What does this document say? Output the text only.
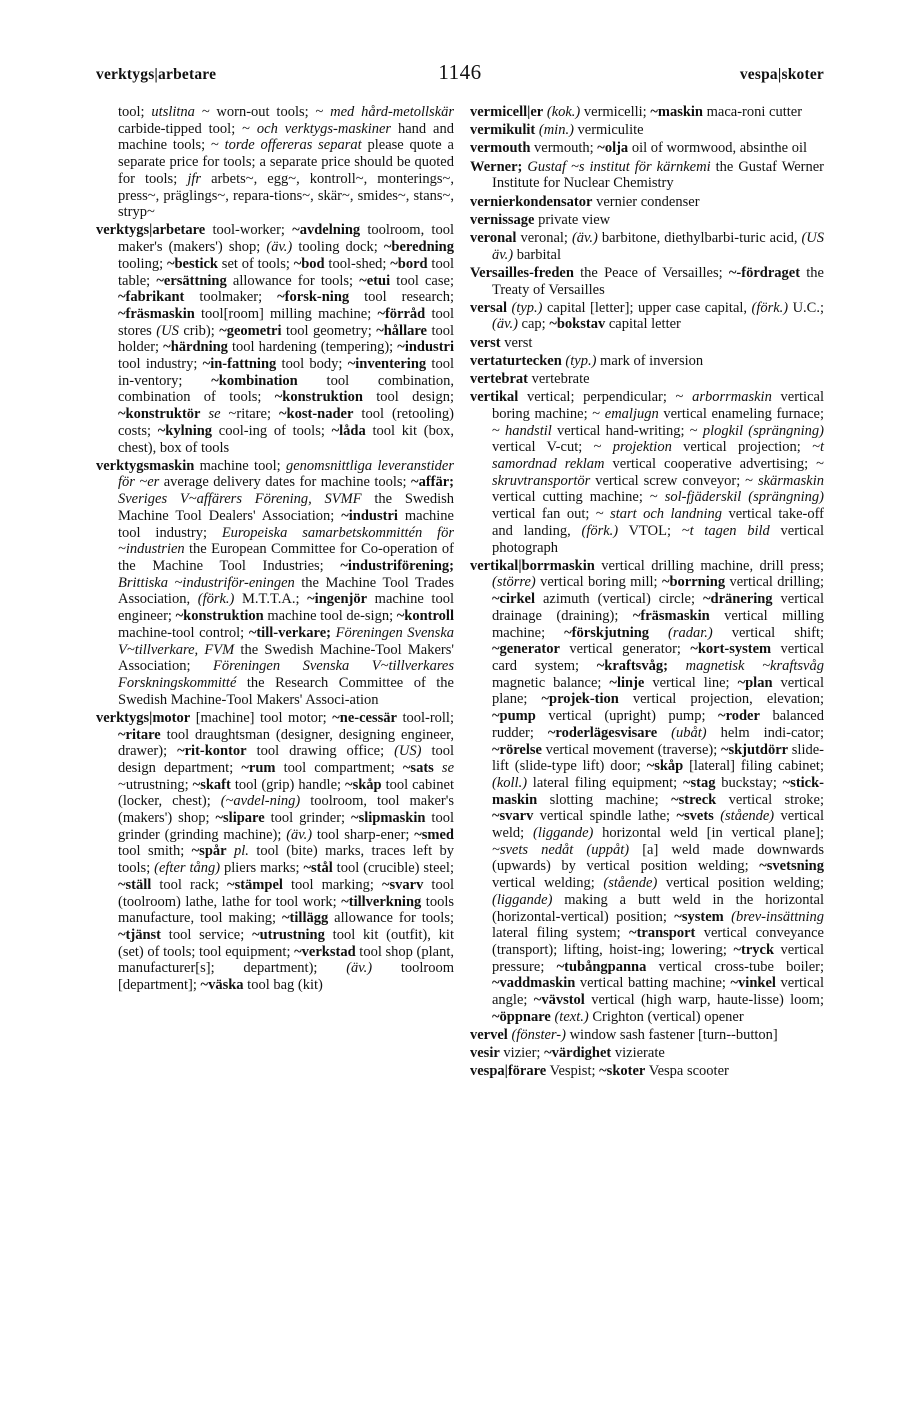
verktygs|arbetare	1146	vespa|skoter

tool; utslitna ~ worn-out tools; ~ med hård-metollskär carbide-tipped tool; ~ och verktygs-maskiner hand and machine tools; ~ torde offereras separat please quote a separate price for tools; a separate price should be quoted for tools; jfr arbets~, egg~, kontroll~, monterings~, press~, präglings~, repara-tions~, skär~, smides~, stans~, stryp~

verktygs|arbetare tool-worker; ~avdelning toolroom, tool maker's (makers') shop; (äv.) tooling dock; ~beredning tooling; ~bestick set of tools; ~bod tool-shed; ~bord tool table; ~ersättning allowance for tools; ~etui tool case; ~fabrikant toolmaker; ~forsk-ning tool research; ~fräsmaskin tool[room] milling machine; ~förråd tool stores (US crib); ~geometri tool geometry; ~hållare tool holder; ~härdning tool hardening (tempering); ~industri tool industry; ~in-fattning tool body; ~inventering tool in-ventory; ~kombination tool combination, combination of tools; ~konstruktion tool design; ~konstruktör se ~ritare; ~kost-nader tool (retooling) costs; ~kylning cool-ing of tools; ~låda tool kit (box, chest), box of tools

verktygsmaskin machine tool; genomsnittliga leveranstider för ~er average delivery dates for machine tools; ~affär; Sveriges V~affärers Förening, SVMF the Swedish Machine Tool Dealers' Association; ~industri machine tool industry; Europeiska samarbetskommittén för ~industrien the European Committee for Co-operation of the Machine Tool Industries; ~industriförening; Brittiska ~industriför-eningen the Machine Tool Trades Association, (förk.) M.T.T.A.; ~ingenjör machine tool engineer; ~konstruktion machine tool de-sign; ~kontroll machine-tool control; ~till-verkare; Föreningen Svenska V~tillverkare, FVM the Swedish Machine-Tool Makers' Association; Föreningen Svenska V~tillverkares Forskningskommitté the Research Committee of the Swedish Machine-Tool Makers' Associ-ation

verktygs|motor [machine] tool motor; ~ne-cessär tool-roll; ~ritare tool draughtsman (designer, designing engineer, drawer); ~rit-kontor tool drawing office; (US) tool design department; ~rum tool compartment; ~sats se ~utrustning; ~skaft tool (grip) handle; ~skåp tool cabinet (locker, chest); (~avdel-ning) toolroom, tool maker's (makers') shop; ~slipare tool grinder; ~slipmaskin tool grinder (grinding machine); (äv.) tool sharp-ener; ~smed tool smith; ~spår pl. tool (bite) marks, traces left by tools; (efter tång) pliers marks; ~stål tool (crucible) steel; ~ställ tool rack; ~stämpel tool marking; ~svarv tool (toolroom) lathe, lathe for tool work; ~tillverkning tools manufacture, tool making; ~tillägg allowance for tools; ~tjänst tool service; ~utrustning tool kit (outfit), kit (set) of tools; tool equipment; ~verkstad tool shop (plant, manufacturer[s]; department); (äv.) toolroom [department]; ~väska tool bag (kit)

vermicell|er (kok.) vermicelli; ~maskin maca-roni cutter

vermikulit (min.) vermiculite

vermouth vermouth; ~olja oil of wormwood, absinthe oil

Werner; Gustaf ~s institut för kärnkemi the Gustaf Werner Institute for Nuclear Chemistry

vernierkondensator vernier condenser

vernissage private view

veronal veronal; (äv.) barbitone, diethylbarbi-turic acid, (US äv.) barbital

Versailles-freden the Peace of Versailles; ~-fördraget the Treaty of Versailles

versal (typ.) capital [letter]; upper case capital, (förk.) U.C.; (äv.) cap; ~bokstav capital letter

verst verst

vertaturtecken (typ.) mark of inversion

vertebrat vertebrate

vertikal vertical; perpendicular; ~ arborrmaskin vertical boring machine; ~ emaljugn vertical enameling furnace; ~ handstil vertical hand-writing; ~ plogkil (sprängning) vertical V-cut; ~ projektion vertical projection; ~t samordnad reklam vertical cooperative advertising; ~ skruvtransportör vertical screw conveyor; ~ skärmaskin vertical cutting machine; ~ sol-fjäderskil (sprängning) vertical fan out; ~ start och landning vertical take-off and landing, (förk.) VTOL; ~t tagen bild vertical photograph

vertikal|borrmaskin vertical drilling machine, drill press; (större) vertical boring mill; ~borrning vertical drilling; ~cirkel azimuth (vertical) circle; ~dränering vertical drainage (draining); ~fräsmaskin vertical milling machine; ~förskjutning (radar.) vertical shift; ~generator vertical generator; ~kort-system vertical card system; ~kraftsvåg; magnetisk ~kraftsvåg magnetic balance; ~linje vertical line; ~plan vertical plane; ~projek-tion vertical projection, elevation; ~pump vertical (upright) pump; ~roder balanced rudder; ~roderlägesvisare (ubåt) helm indi-cator; ~rörelse vertical movement (traverse); ~skjutdörr slide-lift (slide-type lift) door; ~skåp [lateral] filing cabinet; (koll.) lateral filing equipment; ~stag buckstay; ~stick-maskin slotting machine; ~streck vertical stroke; ~svarv vertical spindle lathe; ~svets (stående) vertical weld; (liggande) horizontal weld [in vertical plane]; ~svets nedåt (uppåt) [a] weld made downwards (upwards) by vertical position welding; ~svetsning vertical welding; (stående) vertical position welding; (liggande) making a butt weld in the horizontal (horizontal-vertical) position; ~system (brev-insättning lateral filing system; ~transport vertical conveyance (transport); lifting, hoist-ing; lowering; ~tryck vertical pressure; ~tubångpanna vertical cross-tube boiler; ~vaddmaskin vertical batting machine; ~vinkel vertical angle; ~vävstol vertical (high warp, haute-lisse) loom; ~öppnare (text.) Crighton (vertical) opener

vervel (fönster-) window sash fastener [turn--button]

vesir vizier; ~värdighet vizierate

vespa|förare Vespist; ~skoter Vespa scooter
